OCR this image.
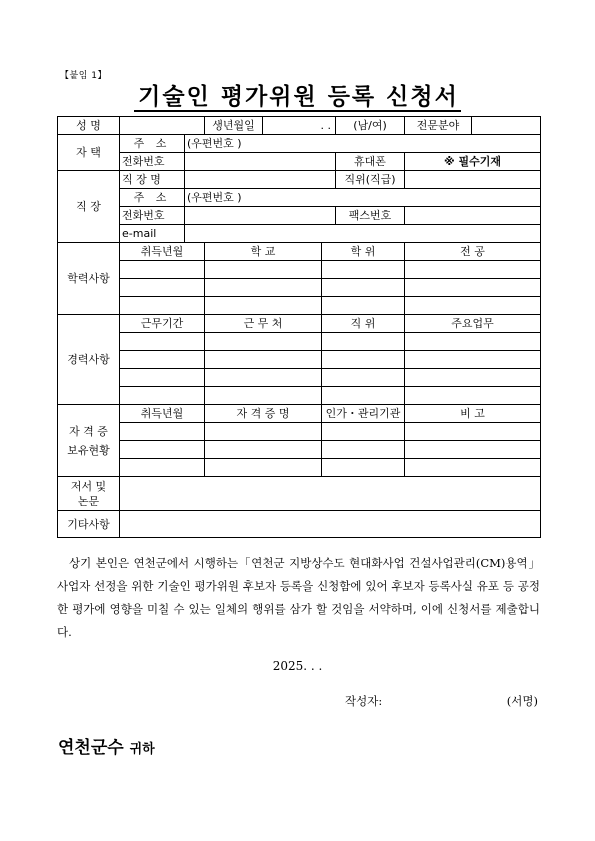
【붙임 1】
기술인 평가위원 등록 신청서
성 명			생년월일	. .		(남/여)	전문분야	
자 택	주 소	(우편번호 )						
	전화번호					휴대폰	※ 필수기재	
직 장	직 장 명					직위(직급)		
	주 소	(우편번호 )						
	전화번호					팩스번호		
	e-mail							
학력사항	취득년월		학 교		학 위		전 공	

경력사항	근무기간		근 무 처		직 위		주요업무	

자 격 증
보유현황	취득년월		자 격 증 명		인가・관리기관		비 고	

저서 및
논문								

기타사항								
상기 본인은 연천군에서 시행하는「연천군 지방상수도 현대화사업 건설사업관리(CM)용역」사업자 선정을 위한 기술인 평가위원 후보자 등록을 신청함에 있어 후보자 등록사실 유포 등 공정한 평가에 영향을 미칠 수 있는 일체의 행위를 삼가 할 것임을 서약하며, 이에 신청서를 제출합니다.
2025. . .
작성자:	(서명)
연천군수 귀하
